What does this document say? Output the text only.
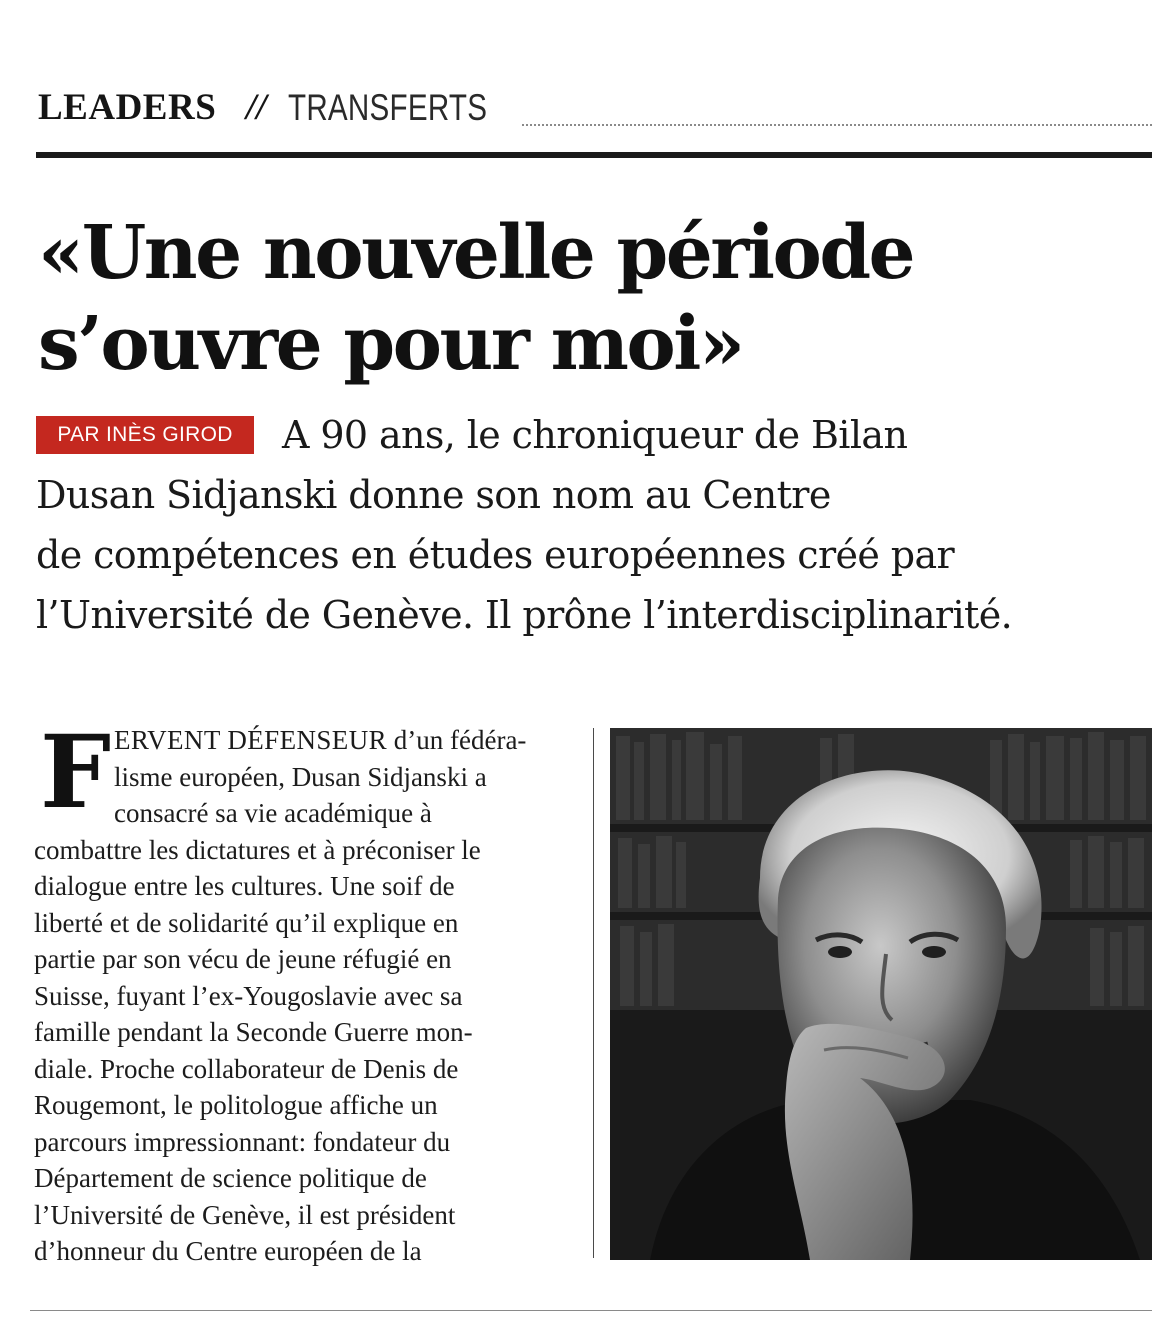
LEADERS // TRANSFERTS
«Une nouvelle période
s’ouvre pour moi»
PAR INÈS GIROD	A 90 ans, le chroniqueur de Bilan
Dusan Sidjanski donne son nom au Centre
de compétences en études européennes créé par
l’Université de Genève. Il prône l’interdisciplinarité.
F ERVENT DÉFENSEUR d’un fédéra-
lisme européen, Dusan Sidjanski a
consacré sa vie académique à
combattre les dictatures et à préconiser le
dialogue entre les cultures. Une soif de
liberté et de solidarité qu’il explique en
partie par son vécu de jeune réfugié en
Suisse, fuyant l’ex-Yougoslavie avec sa
famille pendant la Seconde Guerre mon-
diale. Proche collaborateur de Denis de
Rougemont, le politologue affiche un
parcours impressionnant: fondateur du
Département de science politique de
l’Université de Genève, il est président
d’honneur du Centre européen de la
